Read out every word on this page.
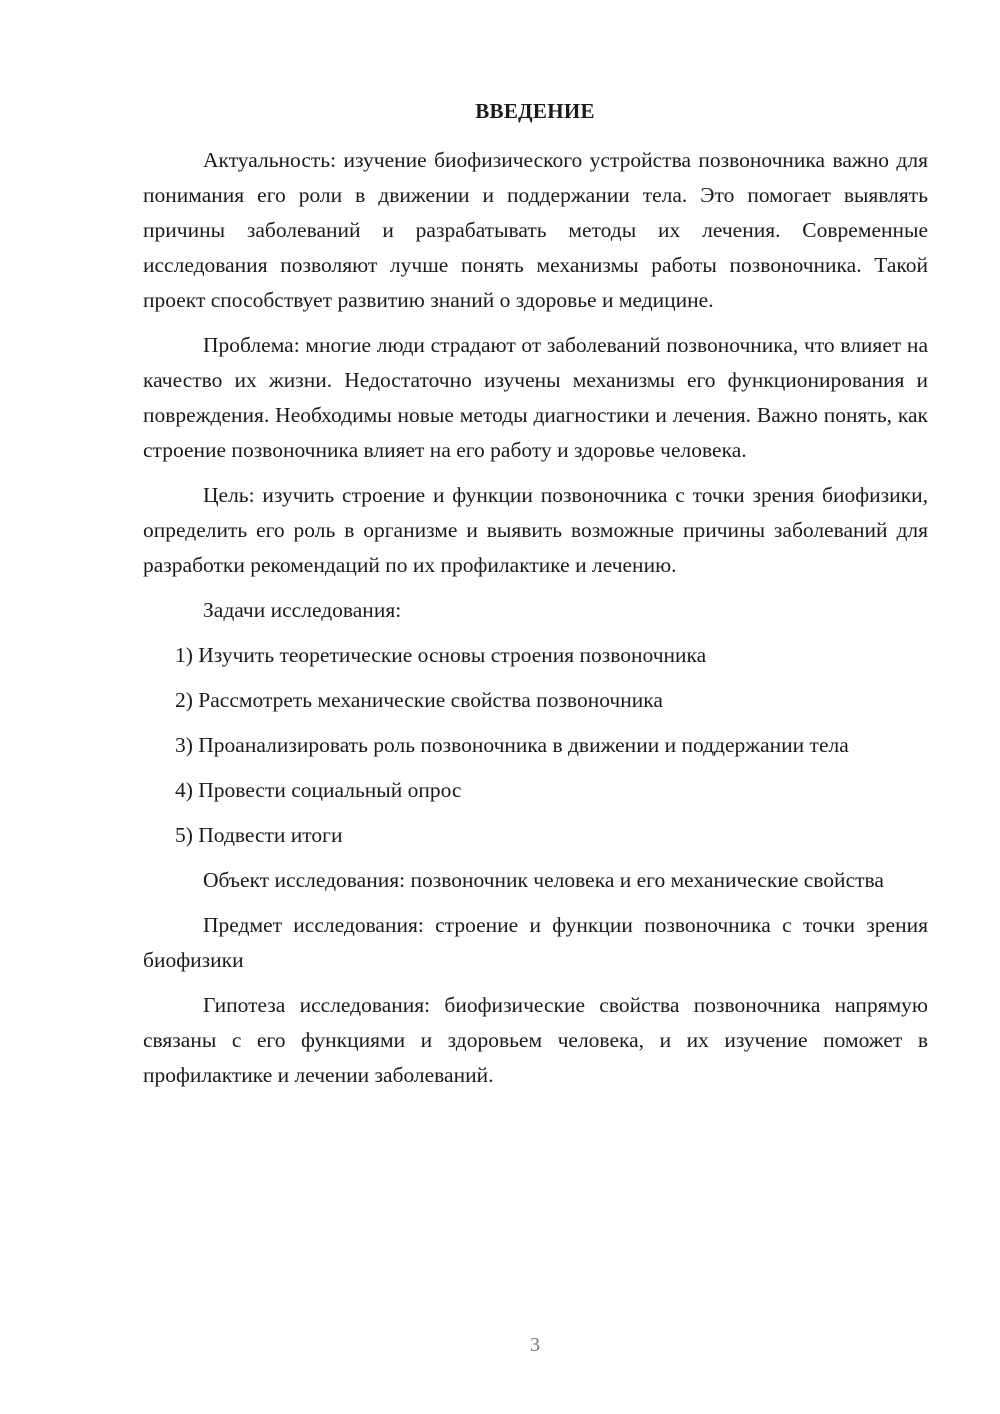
ВВЕДЕНИЕ

Актуальность: изучение биофизического устройства позвоночника важно для понимания его роли в движении и поддержании тела. Это помогает выявлять причины заболеваний и разрабатывать методы их лечения. Современные исследования позволяют лучше понять механизмы работы позвоночника. Такой проект способствует развитию знаний о здоровье и медицине.

Проблема: многие люди страдают от заболеваний позвоночника, что влияет на качество их жизни. Недостаточно изучены механизмы его функционирования и повреждения. Необходимы новые методы диагностики и лечения. Важно понять, как строение позвоночника влияет на его работу и здоровье человека.

Цель: изучить строение и функции позвоночника с точки зрения биофизики, определить его роль в организме и выявить возможные причины заболеваний для разработки рекомендаций по их профилактике и лечению.

Задачи исследования:

1) Изучить теоретические основы строения позвоночника

2) Рассмотреть механические свойства позвоночника

3) Проанализировать роль позвоночника в движении и поддержании тела

4) Провести социальный опрос

5) Подвести итоги

Объект исследования: позвоночник человека и его механические свойства

Предмет исследования: строение и функции позвоночника с точки зрения биофизики

Гипотеза исследования: биофизические свойства позвоночника напрямую связаны с его функциями и здоровьем человека, и их изучение поможет в профилактике и лечении заболеваний.

3
